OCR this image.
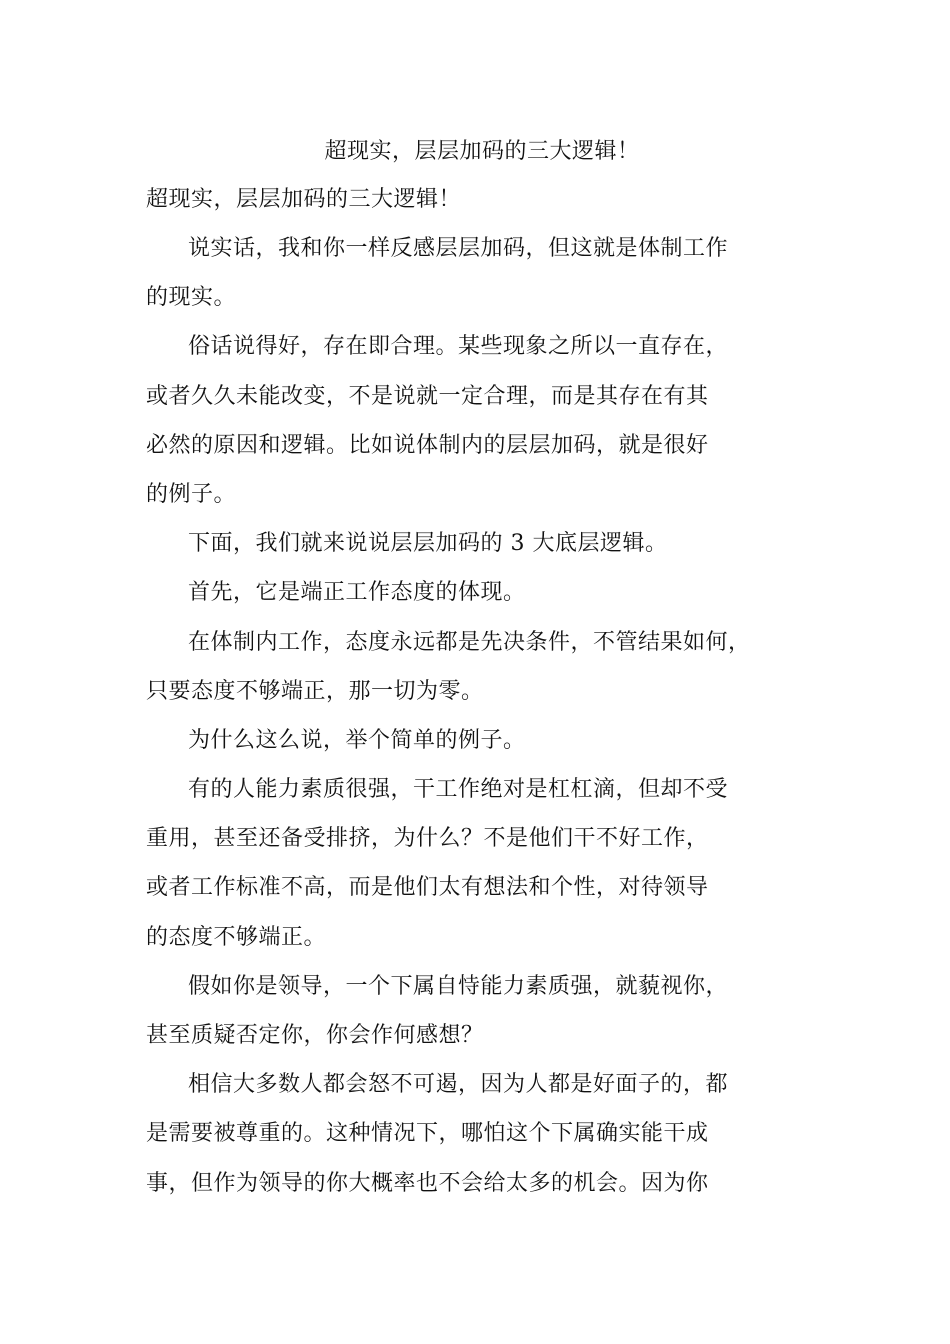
超现实，层层加码的三大逻辑！
超现实，层层加码的三大逻辑！
说实话，我和你一样反感层层加码，但这就是体制工作
的现实。
俗话说得好，存在即合理。某些现象之所以一直存在，
或者久久未能改变，不是说就一定合理，而是其存在有其
必然的原因和逻辑。比如说体制内的层层加码，就是很好
的例子。
下面，我们就来说说层层加码的 3 大底层逻辑。
首先，它是端正工作态度的体现。
在体制内工作，态度永远都是先决条件，不管结果如何，
只要态度不够端正，那一切为零。
为什么这么说，举个简单的例子。
有的人能力素质很强，干工作绝对是杠杠滴，但却不受
重用，甚至还备受排挤，为什么？不是他们干不好工作，
或者工作标准不高，而是他们太有想法和个性，对待领导
的态度不够端正。
假如你是领导，一个下属自恃能力素质强，就藐视你，
甚至质疑否定你，你会作何感想？
相信大多数人都会怒不可遏，因为人都是好面子的，都
是需要被尊重的。这种情况下，哪怕这个下属确实能干成
事，但作为领导的你大概率也不会给太多的机会。因为你
